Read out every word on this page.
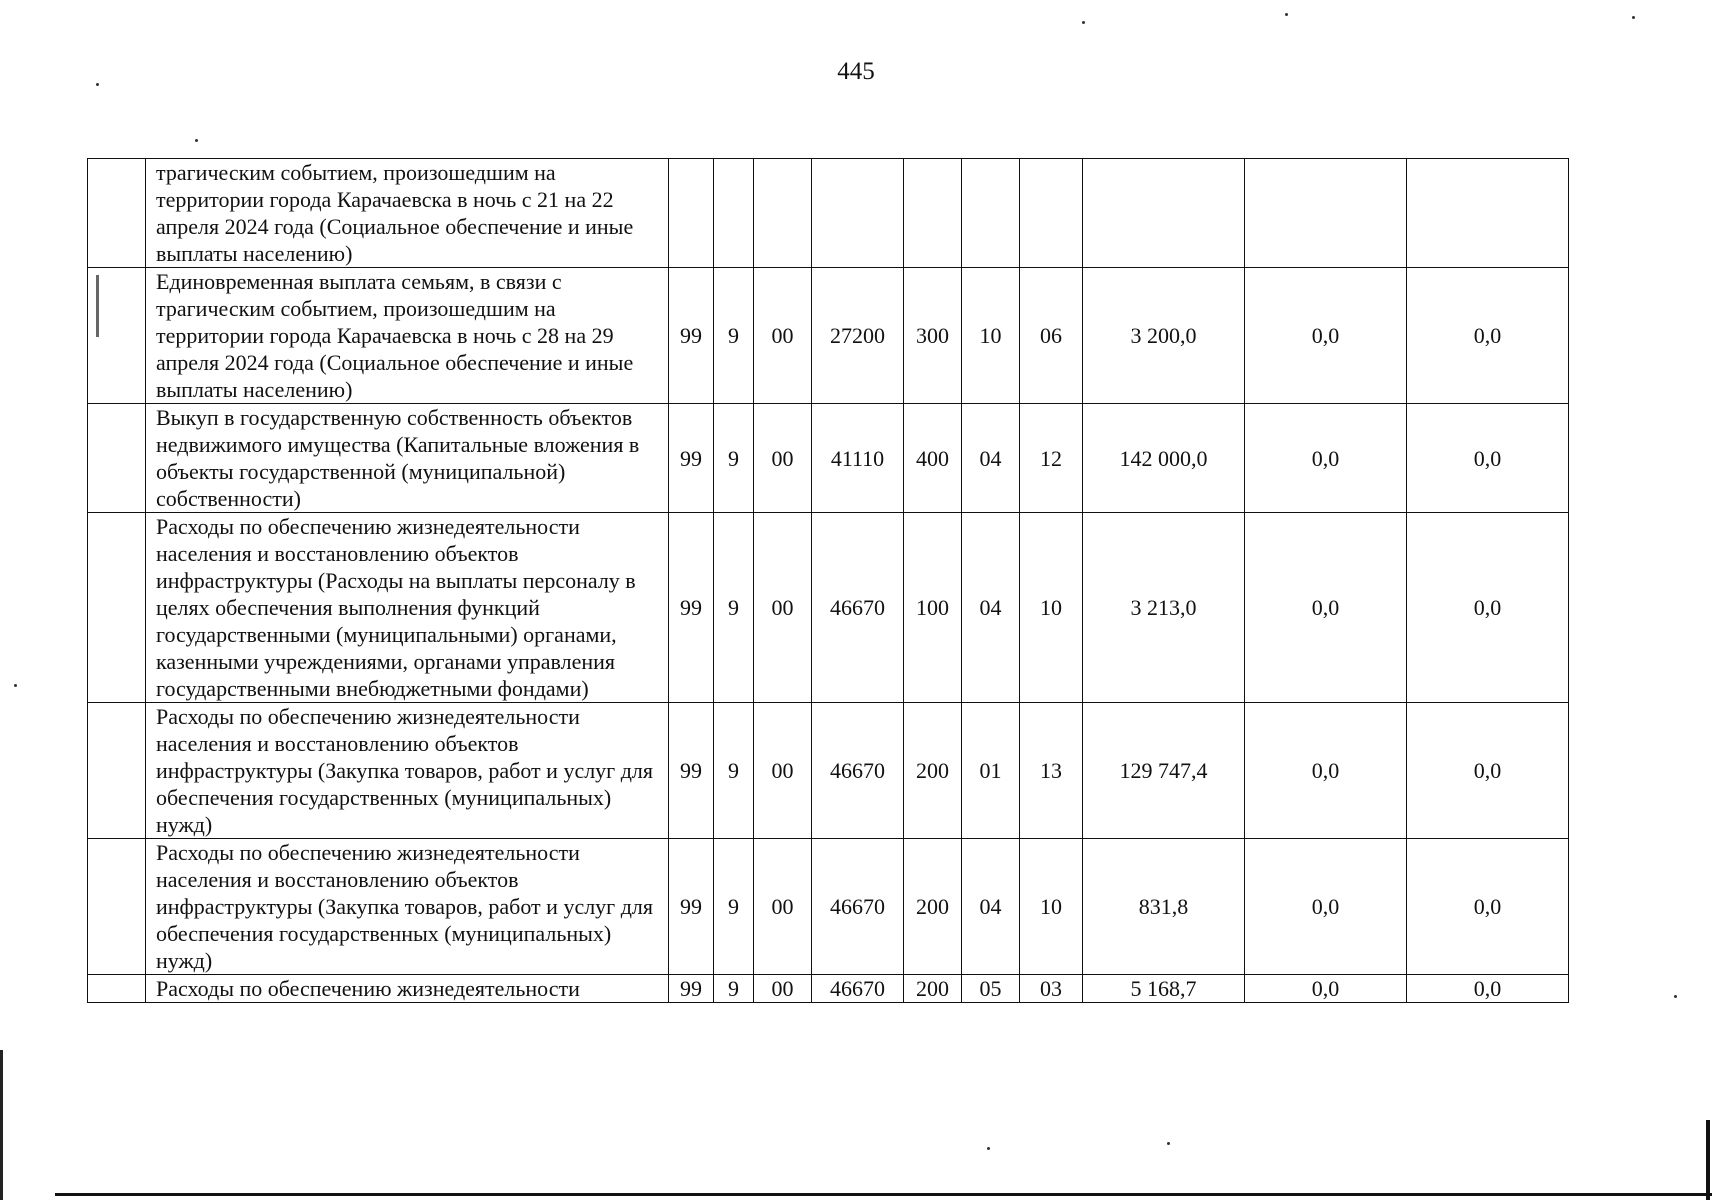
445
	трагическим событием, произошедшим на территории города Карачаевска в ночь с 21 на 22 апреля 2024 года (Социальное обеспечение и иные выплаты населению)										
	Единовременная выплата семьям, в связи с трагическим событием, произошедшим на территории города Карачаевска в ночь с 28 на 29 апреля 2024 года (Социальное обеспечение и иные выплаты населению)	99	9	00	27200	300	10	06	3 200,0	0,0	0,0
	Выкуп в государственную собственность объектов недвижимого имущества (Капитальные вложения в объекты государственной (муниципальной) собственности)	99	9	00	41110	400	04	12	142 000,0	0,0	0,0
	Расходы по обеспечению жизнедеятельности населения и восстановлению объектов инфраструктуры (Расходы на выплаты персоналу в целях обеспечения выполнения функций государственными (муниципальными) органами, казенными учреждениями, органами управления государственными внебюджетными фондами)	99	9	00	46670	100	04	10	3 213,0	0,0	0,0
	Расходы по обеспечению жизнедеятельности населения и восстановлению объектов инфраструктуры (Закупка товаров, работ и услуг для обеспечения государственных (муниципальных) нужд)	99	9	00	46670	200	01	13	129 747,4	0,0	0,0
	Расходы по обеспечению жизнедеятельности населения и восстановлению объектов инфраструктуры (Закупка товаров, работ и услуг для обеспечения государственных (муниципальных) нужд)	99	9	00	46670	200	04	10	831,8	0,0	0,0
	Расходы по обеспечению жизнедеятельности	99	9	00	46670	200	05	03	5 168,7	0,0	0,0
